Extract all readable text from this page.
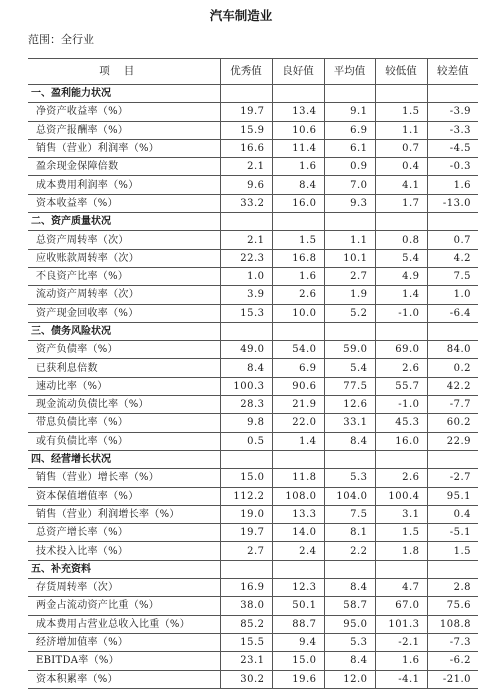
汽车制造业
范围：全行业
项目	优秀值	良好值	平均值	较低值	较差值
一、盈利能力状况					
净资产收益率（%）	19.7	13.4	9.1	1.5	-3.9
总资产报酬率（%）	15.9	10.6	6.9	1.1	-3.3
销售（营业）利润率（%）	16.6	11.4	6.1	0.7	-4.5
盈余现金保障倍数	2.1	1.6	0.9	0.4	-0.3
成本费用利润率（%）	9.6	8.4	7.0	4.1	1.6
资本收益率（%）	33.2	16.0	9.3	1.7	-13.0
二、资产质量状况					
总资产周转率（次）	2.1	1.5	1.1	0.8	0.7
应收账款周转率（次）	22.3	16.8	10.1	5.4	4.2
不良资产比率（%）	1.0	1.6	2.7	4.9	7.5
流动资产周转率（次）	3.9	2.6	1.9	1.4	1.0
资产现金回收率（%）	15.3	10.0	5.2	-1.0	-6.4
三、债务风险状况					
资产负债率（%）	49.0	54.0	59.0	69.0	84.0
已获利息倍数	8.4	6.9	5.4	2.6	0.2
速动比率（%）	100.3	90.6	77.5	55.7	42.2
现金流动负债比率（%）	28.3	21.9	12.6	-1.0	-7.7
带息负债比率（%）	9.8	22.0	33.1	45.3	60.2
或有负债比率（%）	0.5	1.4	8.4	16.0	22.9
四、经营增长状况					
销售（营业）增长率（%）	15.0	11.8	5.3	2.6	-2.7
资本保值增值率（%）	112.2	108.0	104.0	100.4	95.1
销售（营业）利润增长率（%）	19.0	13.3	7.5	3.1	0.4
总资产增长率（%）	19.7	14.0	8.1	1.5	-5.1
技术投入比率（%）	2.7	2.4	2.2	1.8	1.5
五、补充资料					
存货周转率（次）	16.9	12.3	8.4	4.7	2.8
两金占流动资产比重（%）	38.0	50.1	58.7	67.0	75.6
成本费用占营业总收入比重（%）	85.2	88.7	95.0	101.3	108.8
经济增加值率（%）	15.5	9.4	5.3	-2.1	-7.3
EBITDA率（%）	23.1	15.0	8.4	1.6	-6.2
资本积累率（%）	30.2	19.6	12.0	-4.1	-21.0
